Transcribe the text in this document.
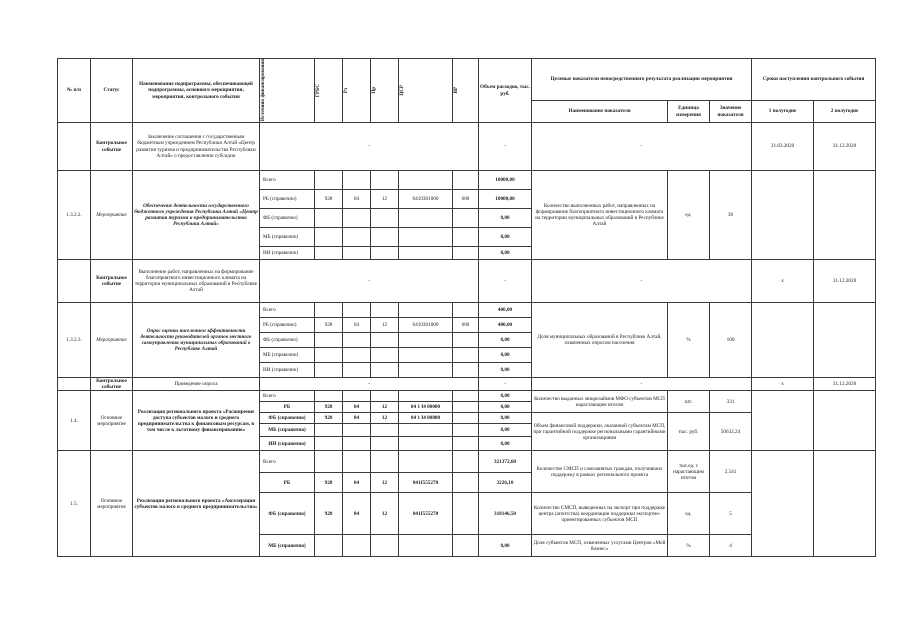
№ п/п	Статус	Наименование подпрограммы, обеспечивающей подпрограммы, основного мероприятия, мероприятия, контрольного события	Источник финансирования	ГРБС	Рз	Пр	ЦСР	ВР	Объем расходов, тыс. руб.	Целевые показатели непосредственного результата реализации мероприятия			Сроки наступления контрольного события	
										Наименование показателя	Единица измерения	Значение показателя	1 полугодие	2 полугодие
	Контрольное событие	Заключение соглашения с государственным бюджетным учреждением Республики Алтай «Центр развития туризма и предпринимательства Республики Алтай» о предоставлении субсидии	-						-	-			31.03.2020	31.12.2020
1.3.2.2.	Мероприятие	Обеспечение деятельности государственного бюджетного учреждения Республики Алтай «Центр развития туризма и предпринимательства Республики Алтай»	Всего						10000,00	Количество выполненных работ, направленных на формирование благоприятного инвестиционного климата на территории муниципальных образований в Республике Алтай	ед.	30		
			РБ (справочно)	928	04	12	0410301000	600	10000,00					
			ФБ (справочно)						0,00					
			МБ (справочно)						0,00					
			ИИ (справочно)						0,00					
	Контрольное событие	Выполнение работ, направленных на формирование благоприятного инвестиционного климата на территории муниципальных образований в Республике Алтай	-						-	-			x	31.12.2020
1.3.2.3.	Мероприятие	Опрос оценки населением эффективности деятельности руководителей органов местного самоуправления муниципальных образований в Республике Алтай	Всего						400,00	Доля муниципальных образований в Республике Алтай, охваченных опросом населения	%	100		
			РБ (справочно)	928	04	12	0410301000	600	400,00					
			ФБ (справочно)						0,00					
			МБ (справочно)						0,00					
			ИИ (справочно)						0,00					
	Контрольное событие	Проведение опроса	-						-	-			x	31.12.2020
1.4.	Основное мероприятие	Реализация регионального проекта «Расширение доступа субъектов малого и среднего предпринимательства к финансовым ресурсам, в том числе к льготному финансированию»	Всего						0,00	Количество выданных микрозаймов МФО субъектам МСП нарастающим итогом	шт.	331		
			РБ	928	04	12	04 1 I4 00000		0,00					
			ФБ (справочно)	928	04	12	04 1 I4 00000		0,00	Объем финансовой поддержки, оказанной субъектам МСП, при гарантийной поддержке региональными гарантийными организациями	тыс. руб.	50632,24		
			МБ (справочно)						0,00					
			ИИ (справочно)						0,00					
1.5.	Основное мероприятие	Реализация регионального проекта «Акселерация субъектов малого и среднего предпринимательства»	Всего						321372,60	Количество СМСП и самозанятых граждан, получивших поддержку в рамках регионального проекта	тыс.ед. с нарастающим итогом	2,541		
			РБ	928	04	12	041I555270		3226,10					
			ФБ (справочно)	928	04	12	041I555270		318146,50	Количество СМСП, выведенных на экспорт при поддержке центра (агентства) координации поддержки экспортно-ориентированных субъектов МСП	ед.	5		
			МБ (справочно)						0,00	Доля субъектов МСП, охваченных услугами Центров «Мой бизнес»	%	4		
